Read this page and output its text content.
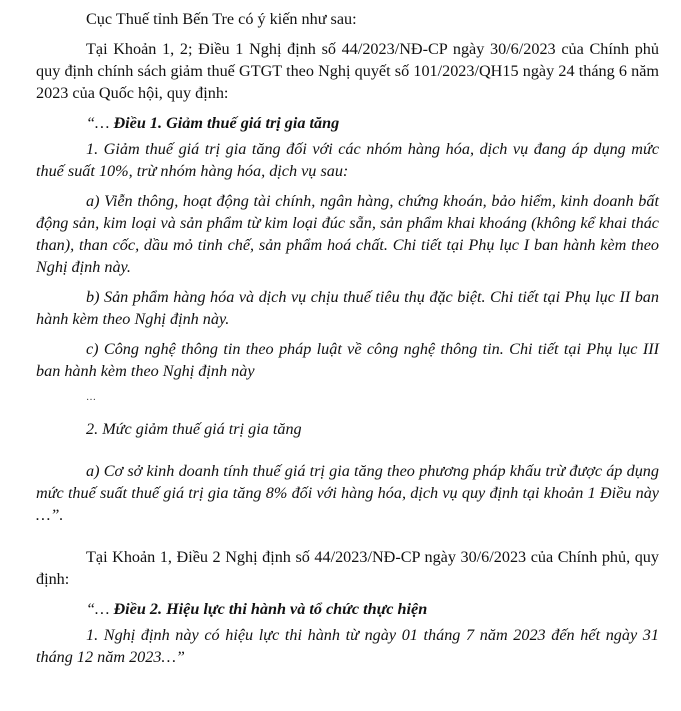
Cục Thuế tỉnh Bến Tre có ý kiến như sau:

Tại Khoản 1, 2; Điều 1 Nghị định số 44/2023/NĐ-CP ngày 30/6/2023 của Chính phủ quy định chính sách giảm thuế GTGT theo Nghị quyết số 101/2023/QH15 ngày 24 tháng 6 năm 2023 của Quốc hội, quy định:

“… Điều 1. Giảm thuế giá trị gia tăng

1. Giảm thuế giá trị gia tăng đối với các nhóm hàng hóa, dịch vụ đang áp dụng mức thuế suất 10%, trừ nhóm hàng hóa, dịch vụ sau:

a) Viễn thông, hoạt động tài chính, ngân hàng, chứng khoán, bảo hiểm, kinh doanh bất động sản, kim loại và sản phẩm từ kim loại đúc sẵn, sản phẩm khai khoáng (không kể khai thác than), than cốc, dầu mỏ tinh chế, sản phẩm hoá chất. Chi tiết tại Phụ lục I ban hành kèm theo Nghị định này.

b) Sản phẩm hàng hóa và dịch vụ chịu thuế tiêu thụ đặc biệt. Chi tiết tại Phụ lục II ban hành kèm theo Nghị định này.

c) Công nghệ thông tin theo pháp luật về công nghệ thông tin. Chi tiết tại Phụ lục III ban hành kèm theo Nghị định này

…

2. Mức giảm thuế giá trị gia tăng

a) Cơ sở kinh doanh tính thuế giá trị gia tăng theo phương pháp khấu trừ được áp dụng mức thuế suất thuế giá trị gia tăng 8% đối với hàng hóa, dịch vụ quy định tại khoản 1 Điều này …”.

Tại Khoản 1, Điều 2 Nghị định số 44/2023/NĐ-CP ngày 30/6/2023 của Chính phủ, quy định:

“… Điều 2. Hiệu lực thi hành và tổ chức thực hiện

1. Nghị định này có hiệu lực thi hành từ ngày 01 tháng 7 năm 2023 đến hết ngày 31 tháng 12 năm 2023…”
